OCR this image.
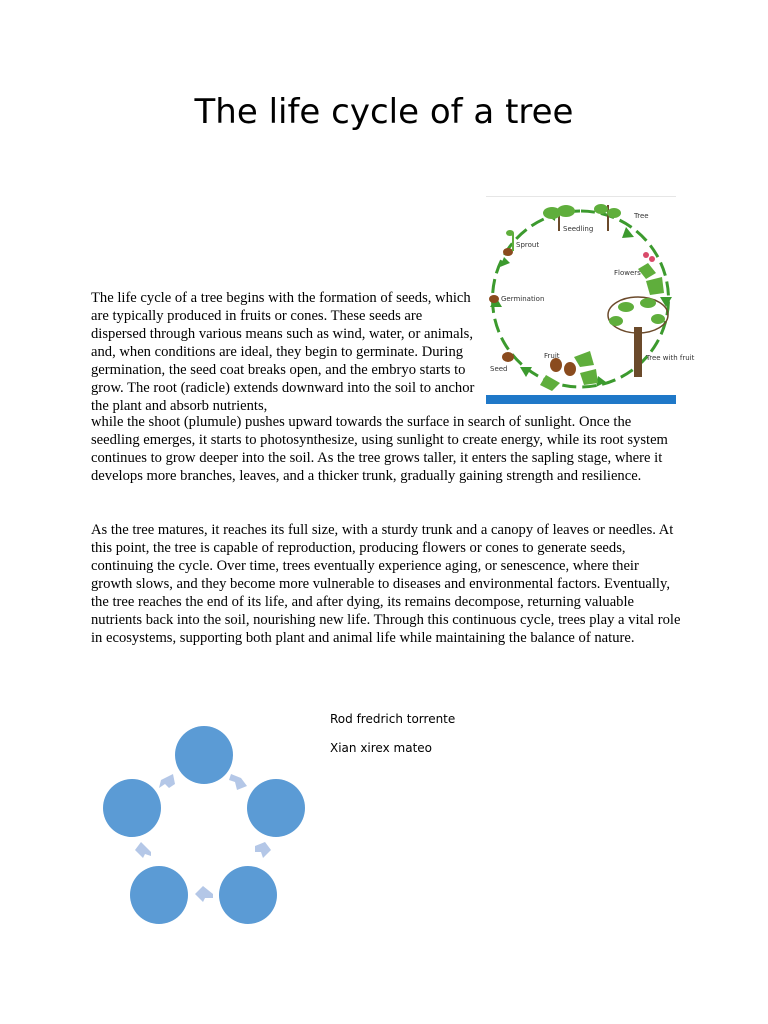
The life cycle of a tree
Seedling
Tree
Sprout
Flowers
Germination
Tree with fruit
Fruit
Seed

The life cycle of a tree begins with the formation of seeds, which are typically produced in fruits or cones. These seeds are dispersed through various means such as wind, water, or animals, and, when conditions are ideal, they begin to germinate. During germination, the seed coat breaks open, and the embryo starts to grow. The root (radicle) extends downward into the soil to anchor the plant and absorb nutrients,

while the shoot (plumule) pushes upward towards the surface in search of sunlight. Once the seedling emerges, it starts to photosynthesize, using sunlight to create energy, while its root system continues to grow deeper into the soil. As the tree grows taller, it enters the sapling stage, where it develops more branches, leaves, and a thicker trunk, gradually gaining strength and resilience.

As the tree matures, it reaches its full size, with a sturdy trunk and a canopy of leaves or needles. At this point, the tree is capable of reproduction, producing flowers or cones to generate seeds, continuing the cycle. Over time, trees eventually experience aging, or senescence, where their growth slows, and they become more vulnerable to diseases and environmental factors. Eventually, the tree reaches the end of its life, and after dying, its remains decompose, returning valuable nutrients back into the soil, nourishing new life. Through this continuous cycle, trees play a vital role in ecosystems, supporting both plant and animal life while maintaining the balance of nature.

Rod fredrich torrente
Xian xirex mateo
